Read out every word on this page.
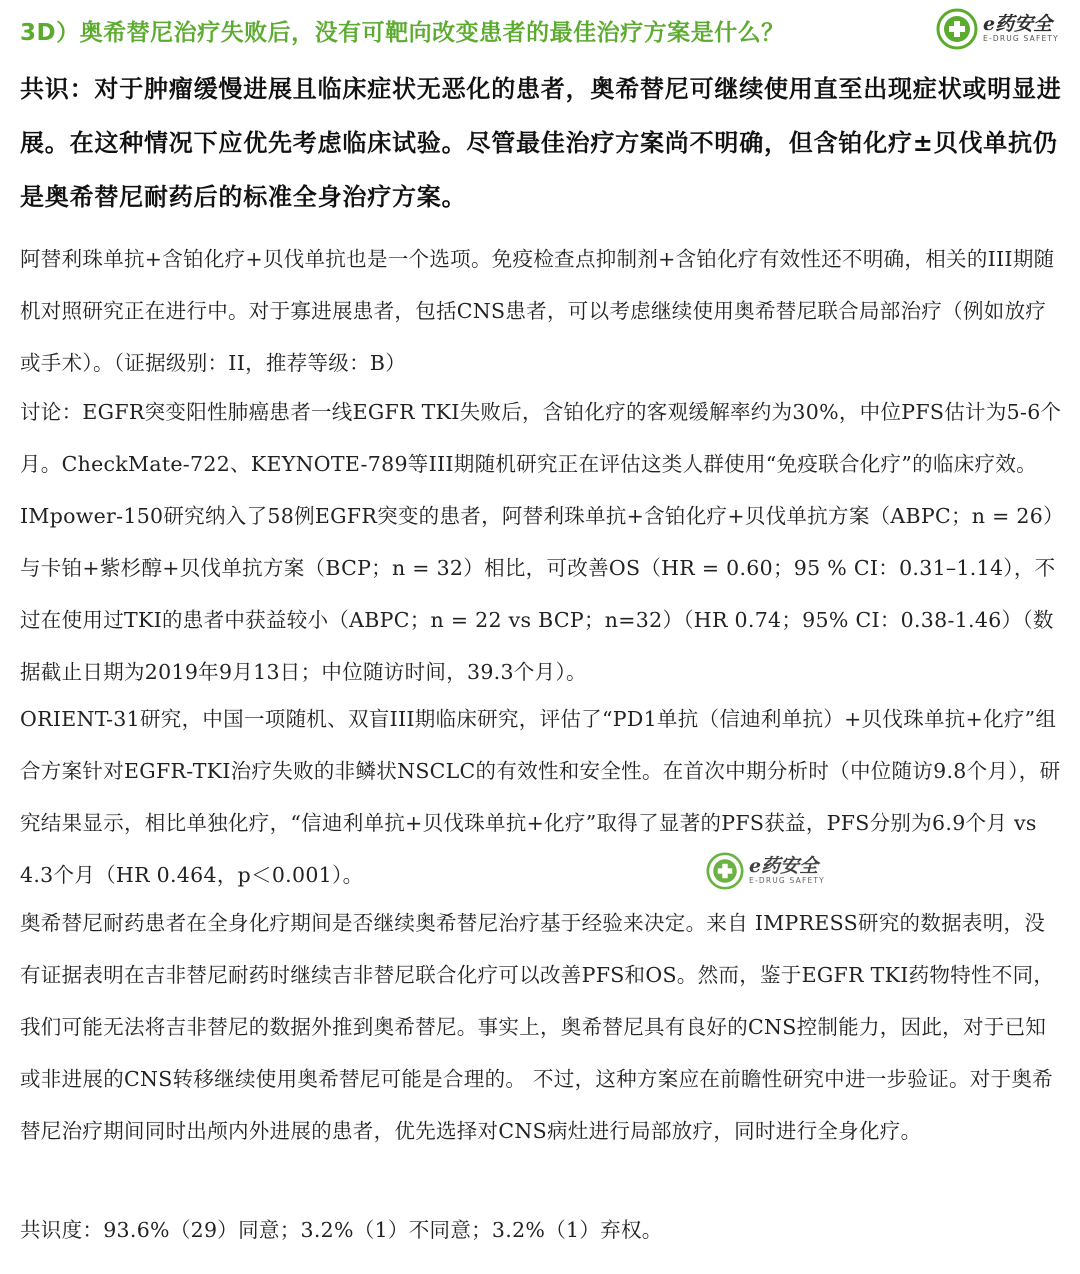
3D）奥希替尼治疗失败后，没有可靶向改变患者的最佳治疗方案是什么？	e药安全
E-DRUG SAFETY
共识：对于肿瘤缓慢进展且临床症状无恶化的患者，奥希替尼可继续使用直至出现症状或明显进展。在这种情况下应优先考虑临床试验。尽管最佳治疗方案尚不明确，但含铂化疗±贝伐单抗仍是奥希替尼耐药后的标准全身治疗方案。
阿替利珠单抗+含铂化疗+贝伐单抗也是一个选项。免疫检查点抑制剂+含铂化疗有效性还不明确，相关的III期随机对照研究正在进行中。对于寡进展患者，包括CNS患者，可以考虑继续使用奥希替尼联合局部治疗（例如放疗或手术）。（证据级别：II，推荐等级：B）
讨论：EGFR突变阳性肺癌患者一线EGFR TKI失败后，含铂化疗的客观缓解率约为30%，中位PFS估计为5-6个月。CheckMate-722、KEYNOTE-789等III期随机研究正在评估这类人群使用“免疫联合化疗”的临床疗效。IMpower-150研究纳入了58例EGFR突变的患者，阿替利珠单抗+含铂化疗+贝伐单抗方案（ABPC；n = 26）与卡铂+紫杉醇+贝伐单抗方案（BCP；n = 32）相比，可改善OS（HR = 0.60；95 % CI：0.31–1.14），不过在使用过TKI的患者中获益较小（ABPC；n = 22 vs BCP；n=32）（HR 0.74；95% CI：0.38-1.46）（数据截止日期为2019年9月13日；中位随访时间，39.3个月）。
ORIENT-31研究，中国一项随机、双盲III期临床研究，评估了“PD1单抗（信迪利单抗）+贝伐珠单抗+化疗”组合方案针对EGFR-TKI治疗失败的非鳞状NSCLC的有效性和安全性。在首次中期分析时（中位随访9.8个月），研究结果显示，相比单独化疗，“信迪利单抗+贝伐珠单抗+化疗”取得了显著的PFS获益，PFS分别为6.9个月 vs 4.3个月（HR 0.464，p＜0.001）。
奥希替尼耐药患者在全身化疗期间是否继续奥希替尼治疗基于经验来决定。来自 IMPRESS研究的数据表明，没有证据表明在吉非替尼耐药时继续吉非替尼联合化疗可以改善PFS和OS。然而，鉴于EGFR TKI药物特性不同，我们可能无法将吉非替尼的数据外推到奥希替尼。事实上，奥希替尼具有良好的CNS控制能力，因此，对于已知或非进展的CNS转移继续使用奥希替尼可能是合理的。 不过，这种方案应在前瞻性研究中进一步验证。对于奥希替尼治疗期间同时出颅内外进展的患者，优先选择对CNS病灶进行局部放疗，同时进行全身化疗。
共识度：93.6%（29）同意；3.2%（1）不同意；3.2%（1）弃权。
e药安全
E-DRUG SAFETY
